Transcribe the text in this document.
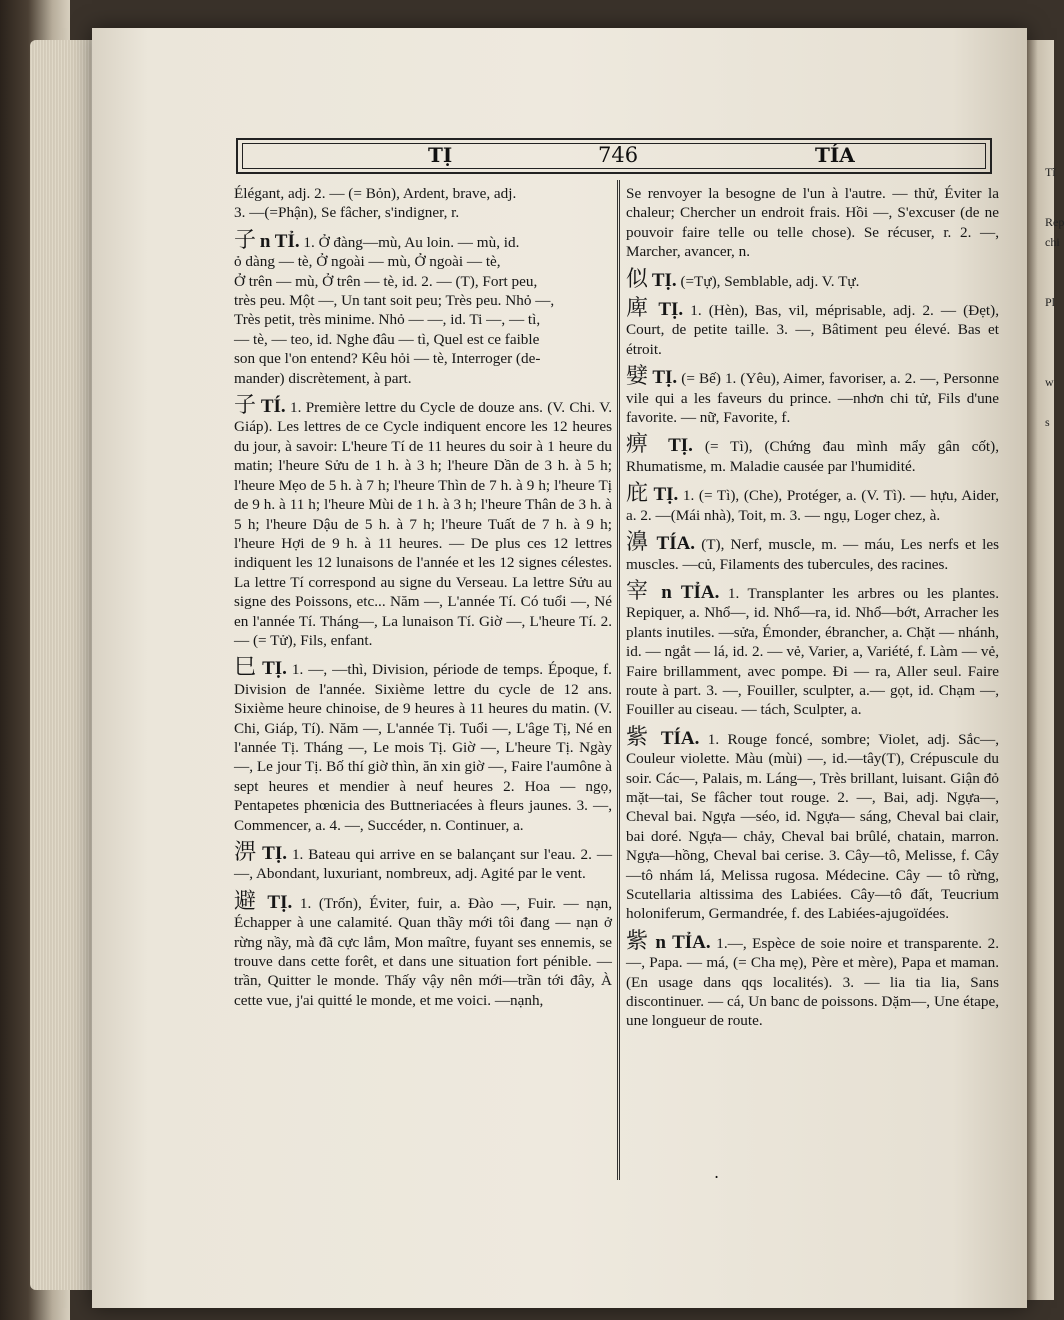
Tĩ
Rep
chi
Pl
w
s
TỊ	746	TÍA

Élégant, adj. 2. — (= Bỏn), Ardent, brave, adj.

3. —(=Phận), Se fâcher, s'indigner, r.

子 n TỈ. 1. Ở đàng—mù, Au loin. — mù, id.

ỏ dàng — tè, Ở ngoài — mù, Ở ngoài — tè,

Ở trên — mù, Ở trên — tè, id. 2. — (T), Fort peu,

très peu. Một —, Un tant soit peu; Très peu. Nhỏ —,

Très petit, très minime. Nhỏ — —, id. Ti —, — tì,

— tè, — teo, id. Nghe đâu — tì, Quel est ce faible

son que l'on entend? Kêu hỏi — tè, Interroger (de-

mander) discrètement, à part.

子 TÍ. 1. Première lettre du Cycle de douze ans. (V. Chi. V. Giáp). Les lettres de ce Cycle indiquent encore les 12 heures du jour, à savoir: L'heure Tí de 11 heures du soir à 1 heure du matin; l'heure Sửu de 1 h. à 3 h; l'heure Dần de 3 h. à 5 h; l'heure Mẹo de 5 h. à 7 h; l'heure Thìn de 7 h. à 9 h; l'heure Tị de 9 h. à 11 h; l'heure Mùi de 1 h. à 3 h; l'heure Thân de 3 h. à 5 h; l'heure Dậu de 5 h. à 7 h; l'heure Tuất de 7 h. à 9 h; l'heure Hợi de 9 h. à 11 heures. — De plus ces 12 lettres indiquent les 12 lunaisons de l'année et les 12 signes célestes. La lettre Tí correspond au signe du Verseau. La lettre Sửu au signe des Poissons, etc... Năm —, L'année Tí. Có tuổi —, Né en l'année Tí. Tháng—, La lunaison Tí. Giờ —, L'heure Tí. 2. — (= Tử), Fils, enfant.

巳 TỊ. 1. —, —thì, Division, période de temps. Époque, f. Division de l'année. Sixième lettre du cycle de 12 ans. Sixième heure chinoise, de 9 heures à 11 heures du matin. (V. Chi, Giáp, Tí). Năm —, L'année Tị. Tuổi —, L'âge Tị, Né en l'année Tị. Tháng —, Le mois Tị. Giờ —, L'heure Tị. Ngày —, Le jour Tị. Bố thí giờ thìn, ăn xin giờ —, Faire l'aumône à sept heures et mendier à neuf heures 2. Hoa — ngọ, Pentapetes phœnicia des Buttneriacées à fleurs jaunes. 3. —, Commencer, a. 4. —, Succéder, n. Continuer, a.

淠 TỊ. 1. Bateau qui arrive en se balançant sur l'eau. 2. — —, Abondant, luxuriant, nombreux, adj. Agité par le vent.

避 TỊ. 1. (Trốn), Éviter, fuir, a. Đào —, Fuir. — nạn, Échapper à une calamité. Quan thầy mới tôi đang — nạn ở rừng nầy, mà đã cực lắm, Mon maître, fuyant ses ennemis, se trouve dans cette forêt, et dans une situation fort pénible. — trần, Quitter le monde. Thấy vậy nên mới—trần tới đây, À cette vue, j'ai quitté le monde, et me voici. —nạnh,

Se renvoyer la besogne de l'un à l'autre. — thử, Éviter la chaleur; Chercher un endroit frais. Hồi —, S'excuser (de ne pouvoir faire telle ou telle chose). Se récuser, r. 2. —, Marcher, avancer, n.

似 TỊ. (=Tự), Semblable, adj. V. Tự.

庳 TỊ. 1. (Hèn), Bas, vil, méprisable, adj. 2. — (Đẹt), Court, de petite taille. 3. —, Bâtiment peu élevé. Bas et étroit.

嬖 TỊ. (= Bế) 1. (Yêu), Aimer, favoriser, a. 2. —, Personne vile qui a les faveurs du prince. —nhơn chi tử, Fils d'une favorite. — nữ, Favorite, f.

痹 TỊ. (= Tì), (Chứng đau mình mẩy gân cốt), Rhumatisme, m. Maladie causée par l'humidité.

庇 TỊ. 1. (= Tì), (Che), Protéger, a. (V. Tì). — hựu, Aider, a. 2. —(Mái nhà), Toit, m. 3. — ngụ, Loger chez, à.

濞 TÍA. (T), Nerf, muscle, m. — máu, Les nerfs et les muscles. —củ, Filaments des tubercules, des racines.

宰 n TỈA. 1. Transplanter les arbres ou les plantes. Repiquer, a. Nhổ—, id. Nhổ—ra, id. Nhổ—bớt, Arracher les plants inutiles. —sửa, Émonder, ébrancher, a. Chặt — nhánh, id. — ngắt — lá, id. 2. — vẻ, Varier, a, Variété, f. Làm — vẻ, Faire brillamment, avec pompe. Đi — ra, Aller seul. Faire route à part. 3. —, Fouiller, sculpter, a.— gọt, id. Chạm —, Fouiller au ciseau. — tách, Sculpter, a.

紫 TÍA. 1. Rouge foncé, sombre; Violet, adj. Sắc—, Couleur violette. Màu (mùi) —, id.—tây(T), Crépuscule du soir. Các—, Palais, m. Láng—, Très brillant, luisant. Giận đỏ mặt—tai, Se fâcher tout rouge. 2. —, Bai, adj. Ngựa—, Cheval bai. Ngựa —séo, id. Ngựa— sáng, Cheval bai clair, bai doré. Ngựa— chảy, Cheval bai brûlé, chatain, marron. Ngựa—hồng, Cheval bai cerise. 3. Cây—tô, Melisse, f. Cây—tô nhám lá, Melissa rugosa. Médecine. Cây — tô rừng, Scutellaria altissima des Labiées. Cây—tô đất, Teucrium holoniferum, Germandrée, f. des Labiées-ajugoïdées.

紫 n TỈA. 1.—, Espèce de soie noire et transparente. 2. —, Papa. — má, (= Cha mẹ), Père et mère), Papa et maman. (En usage dans qqs localités). 3. — lia tia lia, Sans discontinuer. — cá, Un banc de poissons. Dặm—, Une étape, une longueur de route.

.
